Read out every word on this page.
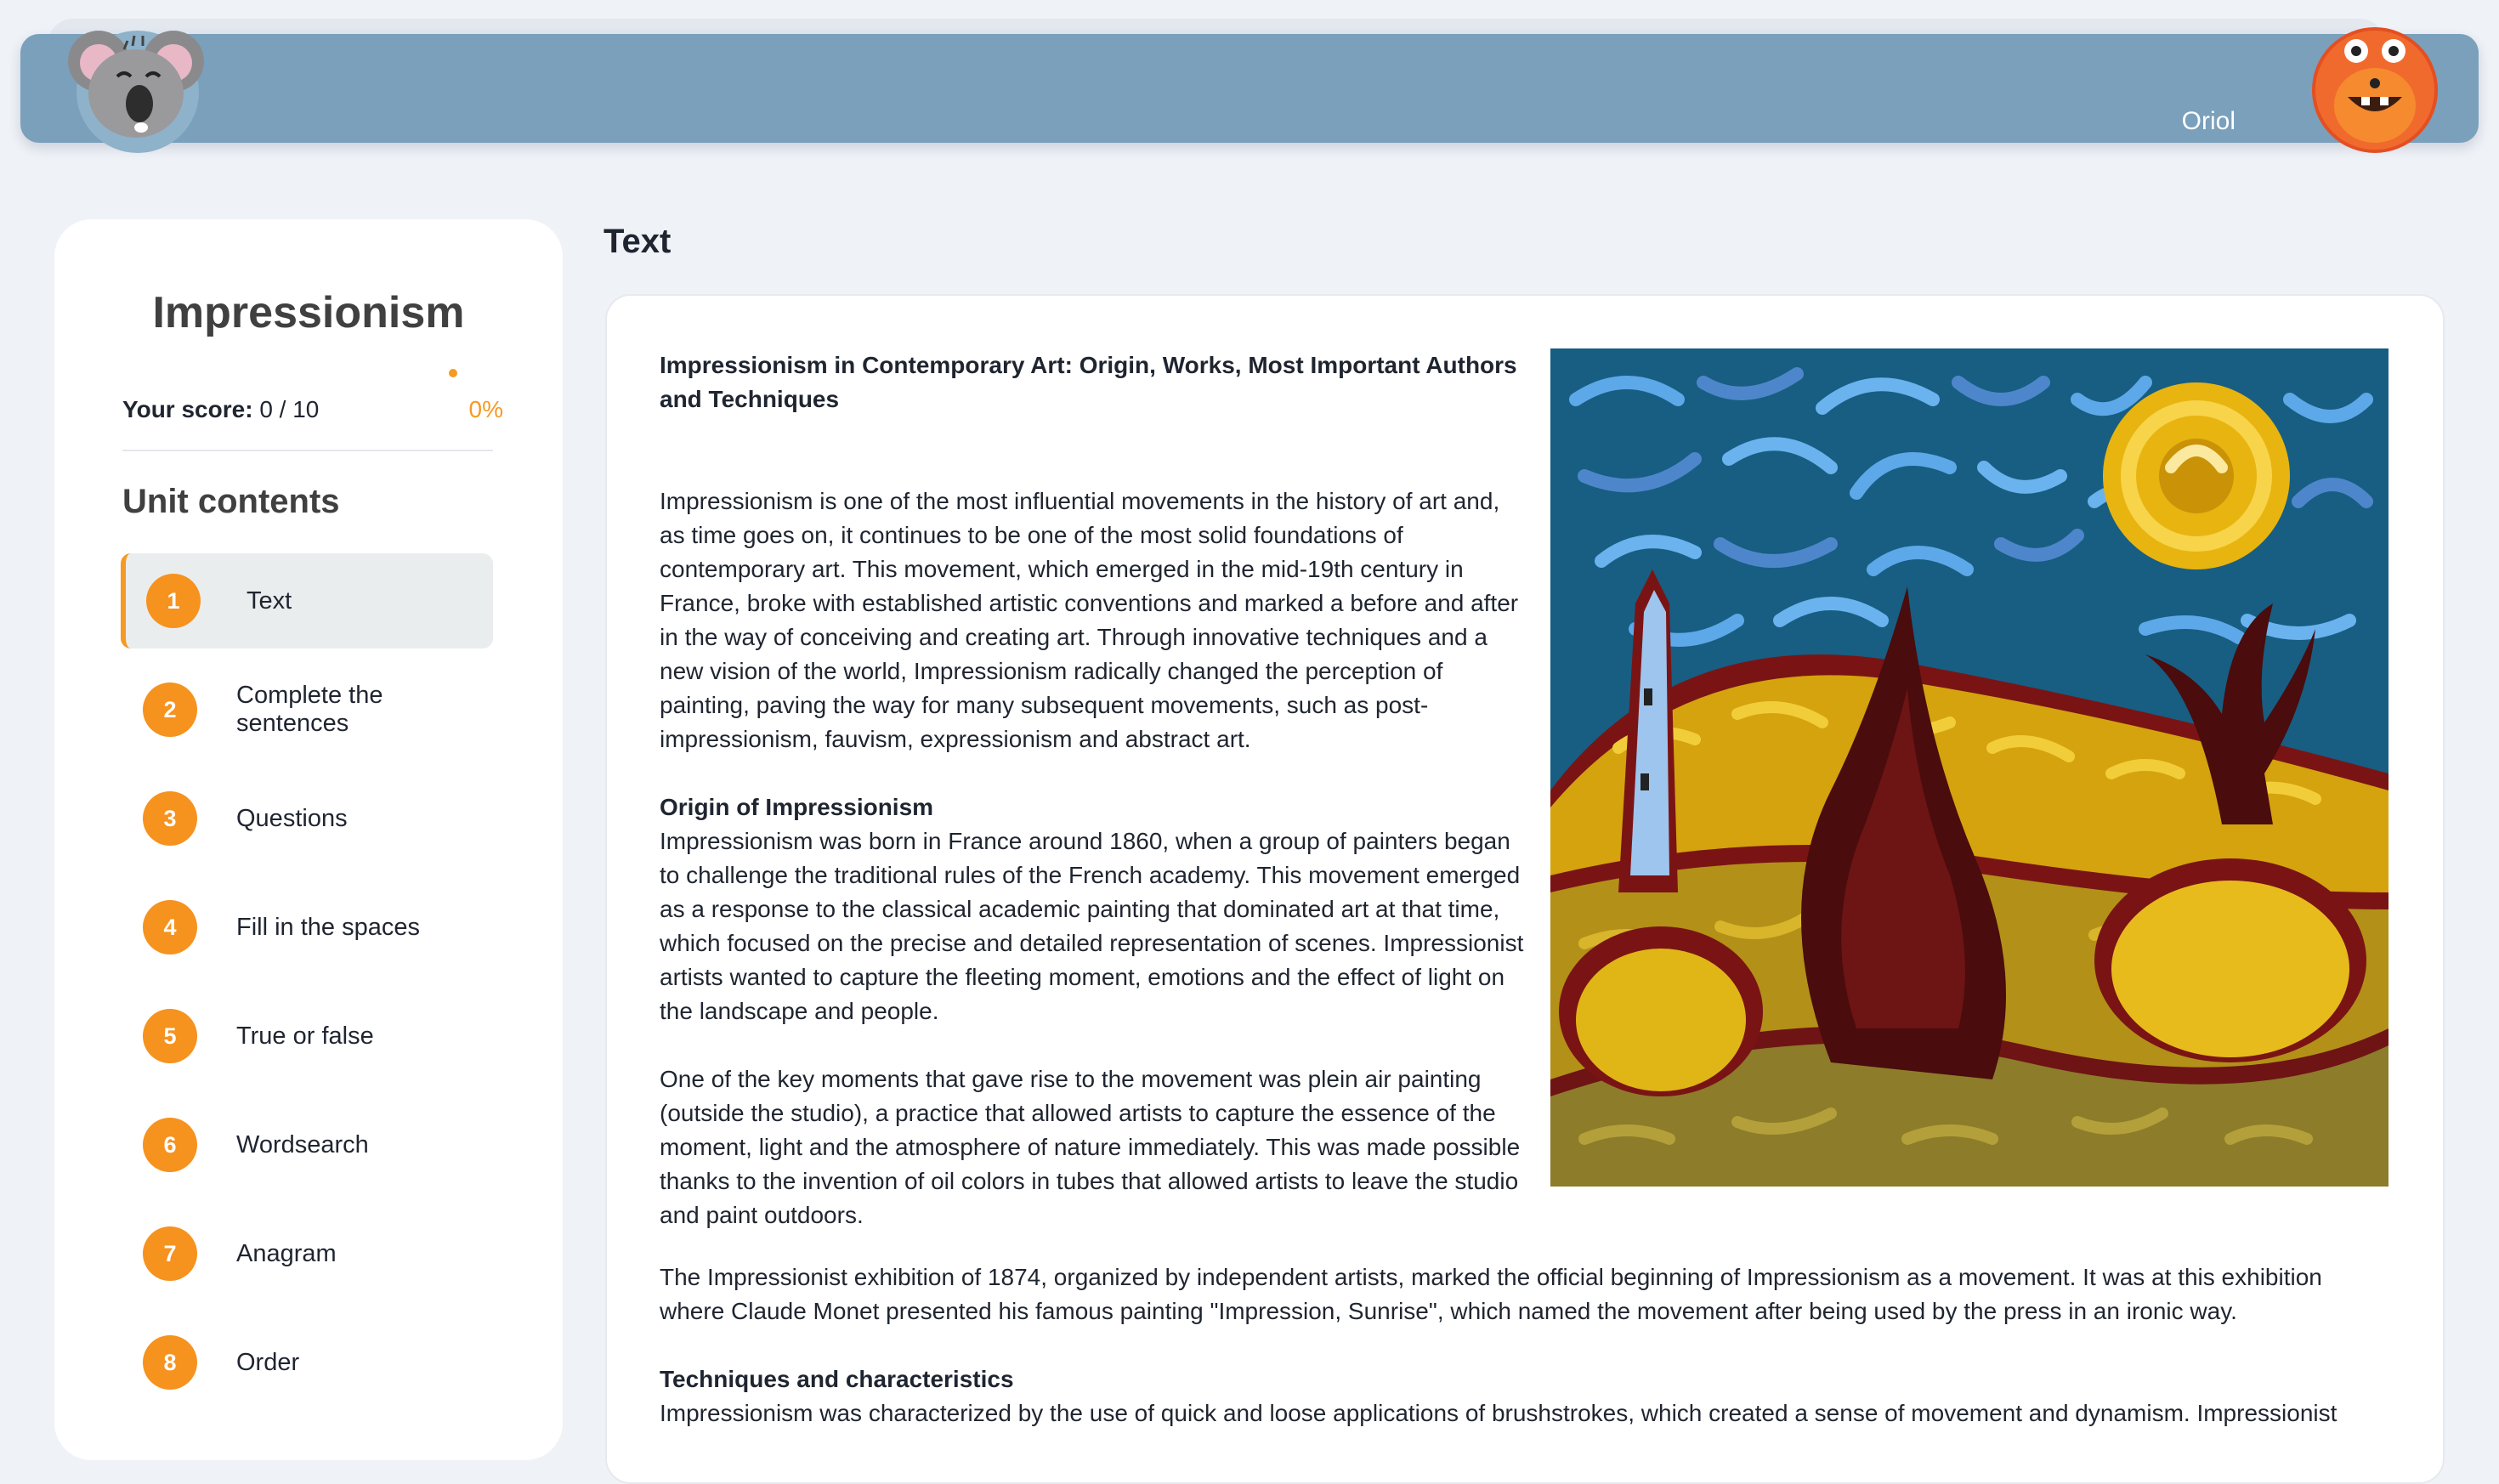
Oriol
Impressionism
Your score: 0 / 10	0%
Unit contents
1	Text
2
Complete the sentences
3	Questions
4	Fill in the spaces
5	True or false
6	Wordsearch
7	Anagram
8	Order
Text

Impressionism in Contemporary Art: Origin, Works, Most Important Authors and Techniques

Impressionism is one of the most influential movements in the history of art and, as time goes on, it continues to be one of the most solid foundations of contemporary art. This movement, which emerged in the mid-19th century in France, broke with established artistic conventions and marked a before and after in the way of conceiving and creating art. Through innovative techniques and a new vision of the world, Impressionism radically changed the perception of painting, paving the way for many subsequent movements, such as post-impressionism, fauvism, expressionism and abstract art.

Origin of Impressionism

Impressionism was born in France around 1860, when a group of painters began to challenge the traditional rules of the French academy. This movement emerged as a response to the classical academic painting that dominated art at that time, which focused on the precise and detailed representation of scenes. Impressionist artists wanted to capture the fleeting moment, emotions and the effect of light on the landscape and people.

One of the key moments that gave rise to the movement was plein air painting (outside the studio), a practice that allowed artists to capture the essence of the moment, light and the atmosphere of nature immediately. This was made possible thanks to the invention of oil colors in tubes that allowed artists to leave the studio and paint outdoors.

The Impressionist exhibition of 1874, organized by independent artists, marked the official beginning of Impressionism as a movement. It was at this exhibition where Claude Monet presented his famous painting "Impression, Sunrise", which named the movement after being used by the press in an ironic way.

Techniques and characteristics

Impressionism was characterized by the use of quick and loose applications of brushstrokes, which created a sense of movement and dynamism. Impressionist
